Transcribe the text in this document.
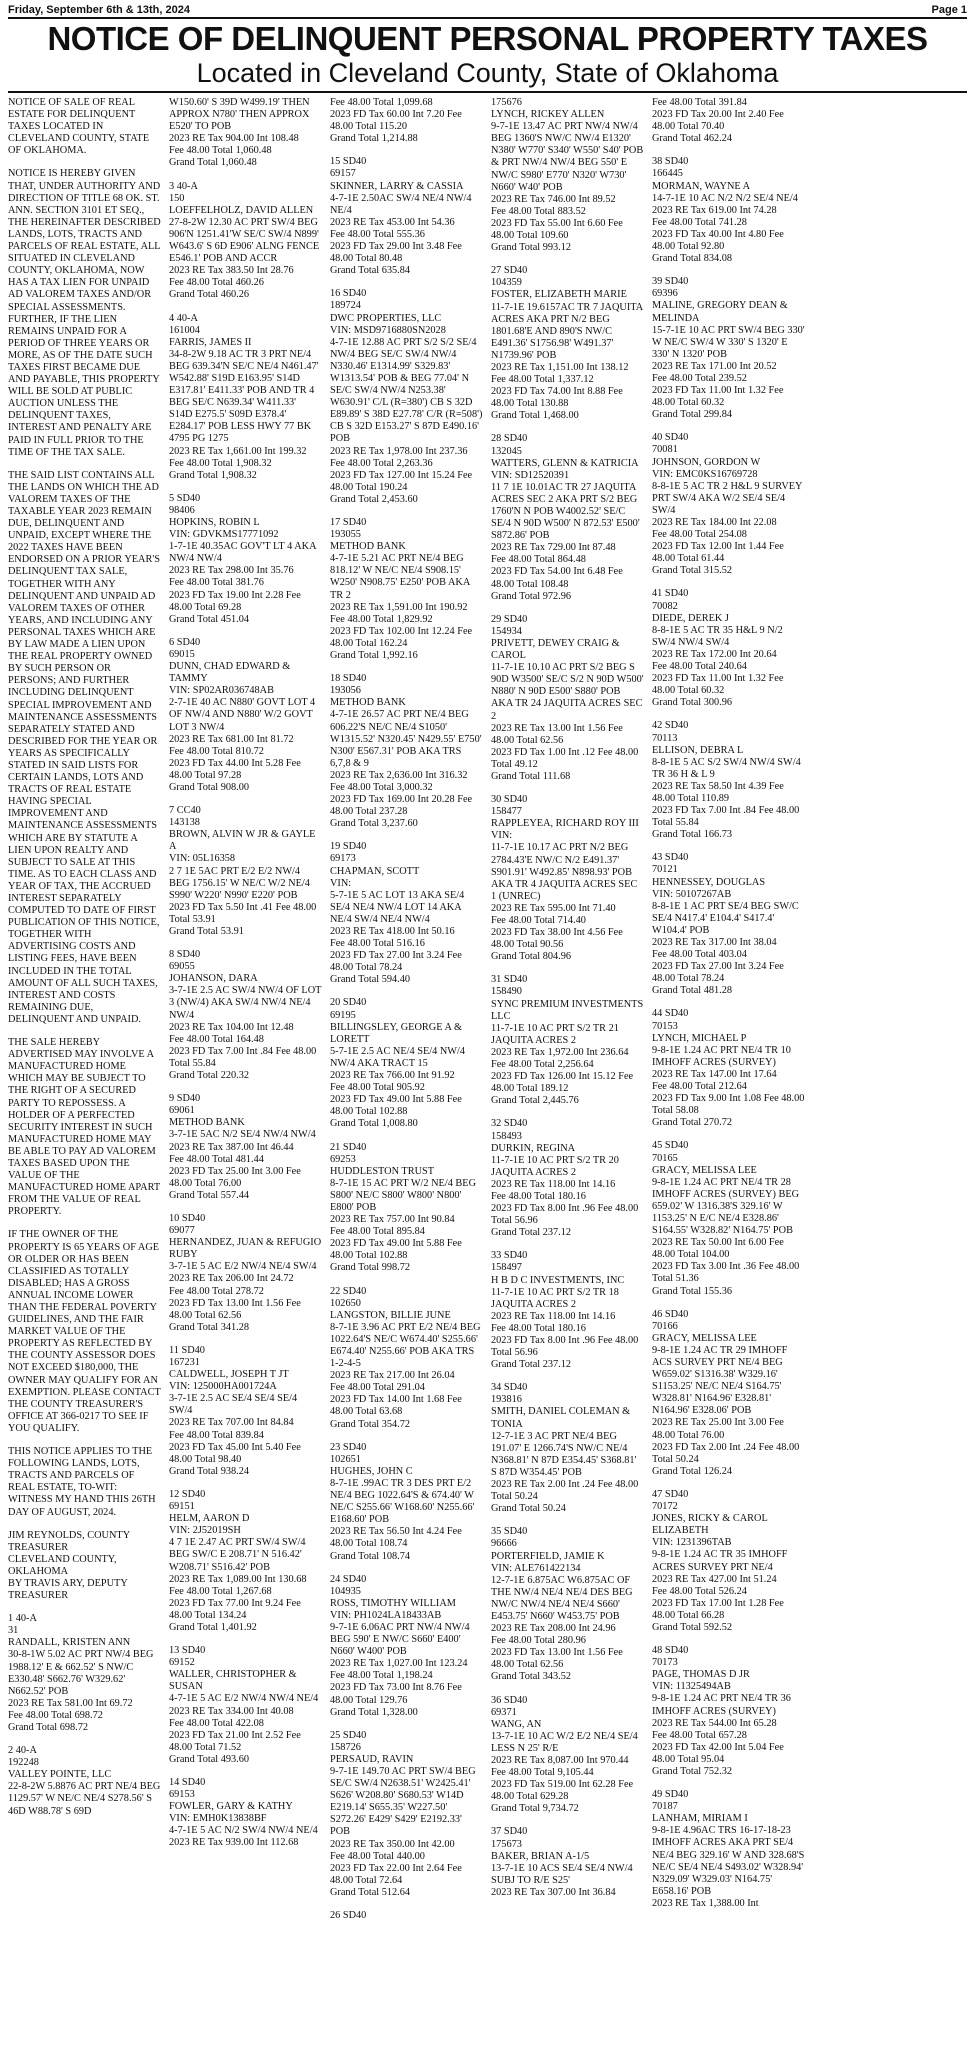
Friday, September 6th & 13th, 2024	Page 1
NOTICE OF DELINQUENT PERSONAL PROPERTY TAXES
Located in Cleveland County, State of Oklahoma

NOTICE OF SALE OF REAL ESTATE FOR DELINQUENT TAXES LOCATED IN CLEVELAND COUNTY, STATE OF OKLAHOMA.

NOTICE IS HEREBY GIVEN THAT, UNDER AUTHORITY AND DIRECTION OF TITLE 68 OK. ST. ANN. SECTION 3101 ET SEQ., THE HEREINAFTER DESCRIBED LANDS, LOTS, TRACTS AND PARCELS OF REAL ESTATE, ALL SITUATED IN CLEVELAND COUNTY, OKLAHOMA, NOW HAS A TAX LIEN FOR UNPAID AD VALOREM TAXES AND/OR SPECIAL ASSESSMENTS. FURTHER, IF THE LIEN REMAINS UNPAID FOR A PERIOD OF THREE YEARS OR MORE, AS OF THE DATE SUCH TAXES FIRST BECAME DUE AND PAYABLE, THIS PROPERTY WILL BE SOLD AT PUBLIC AUCTION UNLESS THE DELINQUENT TAXES, INTEREST AND PENALTY ARE PAID IN FULL PRIOR TO THE TIME OF THE TAX SALE.

THE SAID LIST CONTAINS ALL THE LANDS ON WHICH THE AD VALOREM TAXES OF THE TAXABLE YEAR 2023 REMAIN DUE, DELINQUENT AND UNPAID, EXCEPT WHERE THE 2022 TAXES HAVE BEEN ENDORSED ON A PRIOR YEAR'S DELINQUENT TAX SALE, TOGETHER WITH ANY DELINQUENT AND UNPAID AD VALOREM TAXES OF OTHER YEARS, AND INCLUDING ANY PERSONAL TAXES WHICH ARE BY LAW MADE A LIEN UPON THE REAL PROPERTY OWNED BY SUCH PERSON OR PERSONS; AND FURTHER INCLUDING DELINQUENT SPECIAL IMPROVEMENT AND MAINTENANCE ASSESSMENTS SEPARATELY STATED AND DESCRIBED FOR THE YEAR OR YEARS AS SPECIFICALLY STATED IN SAID LISTS FOR CERTAIN LANDS, LOTS AND TRACTS OF REAL ESTATE HAVING SPECIAL IMPROVEMENT AND MAINTENANCE ASSESSMENTS WHICH ARE BY STATUTE A LIEN UPON REALTY AND SUBJECT TO SALE AT THIS TIME. AS TO EACH CLASS AND YEAR OF TAX, THE ACCRUED INTEREST SEPARATELY COMPUTED TO DATE OF FIRST PUBLICATION OF THIS NOTICE, TOGETHER WITH ADVERTISING COSTS AND LISTING FEES, HAVE BEEN INCLUDED IN THE TOTAL AMOUNT OF ALL SUCH TAXES, INTEREST AND COSTS REMAINING DUE, DELINQUENT AND UNPAID.

THE SALE HEREBY ADVERTISED MAY INVOLVE A MANUFACTURED HOME WHICH MAY BE SUBJECT TO THE RIGHT OF A SECURED PARTY TO REPOSSESS. A HOLDER OF A PERFECTED SECURITY INTEREST IN SUCH MANUFACTURED HOME MAY BE ABLE TO PAY AD VALOREM TAXES BASED UPON THE VALUE OF THE MANUFACTURED HOME APART FROM THE VALUE OF REAL PROPERTY.

IF THE OWNER OF THE PROPERTY IS 65 YEARS OF AGE OR OLDER OR HAS BEEN CLASSIFIED AS TOTALLY DISABLED; HAS A GROSS ANNUAL INCOME LOWER THAN THE FEDERAL POVERTY GUIDELINES, AND THE FAIR MARKET VALUE OF THE PROPERTY AS REFLECTED BY THE COUNTY ASSESSOR DOES NOT EXCEED $180,000, THE OWNER MAY QUALIFY FOR AN EXEMPTION. PLEASE CONTACT THE COUNTY TREASURER'S OFFICE AT 366-0217 TO SEE IF YOU QUALIFY.

THIS NOTICE APPLIES TO THE FOLLOWING LANDS, LOTS, TRACTS AND PARCELS OF REAL ESTATE, TO-WIT:
WITNESS MY HAND THIS 26TH DAY OF AUGUST, 2024.

JIM REYNOLDS, COUNTY TREASURER
CLEVELAND COUNTY, OKLAHOMA
BY TRAVIS ARY, DEPUTY TREASURER

1 40-A
31
RANDALL, KRISTEN ANN
30-8-1W 5.02 AC PRT NW/4 BEG 1988.12' E & 662.52' S NW/C E330.48' S662.76' W329.62' N662.52' POB
2023 RE Tax 581.00 Int 69.72
Fee 48.00 Total 698.72
Grand Total 698.72

2 40-A
192248
VALLEY POINTE, LLC
22-8-2W 5.8876 AC PRT NE/4 BEG 1129.57' W NE/C NE/4 S278.56' S 46D W88.78' S 69D

W150.60' S 39D W499.19' THEN APPROX N780' THEN APPROX E520' TO POB
2023 RE Tax 904.00 Int 108.48
Fee 48.00 Total 1,060.48
Grand Total 1,060.48

3 40-A
150
LOEFFELHOLZ, DAVID ALLEN
27-8-2W 12.30 AC PRT SW/4 BEG 906'N 1251.41'W SE/C SW/4 N899' W643.6' S 6D E906' ALNG FENCE E546.1' POB AND ACCR
2023 RE Tax 383.50 Int 28.76
Fee 48.00 Total 460.26
Grand Total 460.26

4 40-A
161004
FARRIS, JAMES II
34-8-2W 9.18 AC TR 3 PRT NE/4 BEG 639.34'N SE/C NE/4 N461.47' W542.88' S19D E163.95' S14D E317.81' E411.33' POB AND TR 4 BEG SE/C N639.34' W411.33' S14D E275.5' S09D E378.4' E284.17' POB LESS HWY 77 BK 4795 PG 1275
2023 RE Tax 1,661.00 Int 199.32 Fee 48.00 Total 1,908.32
Grand Total 1,908.32

5 SD40
98406
HOPKINS, ROBIN L
VIN: GDVKMS17771092
1-7-1E 40.35AC GOV'T LT 4 AKA NW/4 NW/4
2023 RE Tax 298.00 Int 35.76
Fee 48.00 Total 381.76
2023 FD Tax 19.00 Int 2.28 Fee 48.00 Total 69.28
Grand Total 451.04

6 SD40
69015
DUNN, CHAD EDWARD & TAMMY
VIN: SP02AR036748AB
2-7-1E 40 AC N880' GOVT LOT 4 OF NW/4 AND N880' W/2 GOVT LOT 3 NW/4
2023 RE Tax 681.00 Int 81.72
Fee 48.00 Total 810.72
2023 FD Tax 44.00 Int 5.28 Fee 48.00 Total 97.28
Grand Total 908.00

7 CC40
143138
BROWN, ALVIN W JR & GAYLE A
VIN: 05L16358
2 7 1E 5AC PRT E/2 E/2 NW/4 BEG 1756.15' W NE/C W/2 NE/4 S990' W220' N990' E220' POB
2023 FD Tax 5.50 Int .41 Fee 48.00 Total 53.91
Grand Total 53.91

8 SD40
69055
JOHANSON, DARA
3-7-1E 2.5 AC SW/4 NW/4 OF LOT 3 (NW/4) AKA SW/4 NW/4 NE/4 NW/4
2023 RE Tax 104.00 Int 12.48
Fee 48.00 Total 164.48
2023 FD Tax 7.00 Int .84 Fee 48.00 Total 55.84
Grand Total 220.32

9 SD40
69061
METHOD BANK
3-7-1E 5AC N/2 SE/4 NW/4 NW/4
2023 RE Tax 387.00 Int 46.44
Fee 48.00 Total 481.44
2023 FD Tax 25.00 Int 3.00 Fee 48.00 Total 76.00
Grand Total 557.44

10 SD40
69077
HERNANDEZ, JUAN & REFUGIO RUBY
3-7-1E 5 AC E/2 NW/4 NE/4 SW/4
2023 RE Tax 206.00 Int 24.72
Fee 48.00 Total 278.72
2023 FD Tax 13.00 Int 1.56 Fee 48.00 Total 62.56
Grand Total 341.28

11 SD40
167231
CALDWELL, JOSEPH T JT
VIN: 125000HA001724A
3-7-1E 2.5 AC SE/4 SE/4 SE/4 SW/4
2023 RE Tax 707.00 Int 84.84
Fee 48.00 Total 839.84
2023 FD Tax 45.00 Int 5.40 Fee 48.00 Total 98.40
Grand Total 938.24

12 SD40
69151
HELM, AARON D
VIN: 2J52019SH
4 7 1E 2.47 AC PRT SW/4 SW/4 BEG SW/C E 208.71' N 516.42' W208.71' S516.42' POB
2023 RE Tax 1,089.00 Int 130.68 Fee 48.00 Total 1,267.68
2023 FD Tax 77.00 Int 9.24 Fee 48.00 Total 134.24
Grand Total 1,401.92

13 SD40
69152
WALLER, CHRISTOPHER & SUSAN
4-7-1E 5 AC E/2 NW/4 NW/4 NE/4
2023 RE Tax 334.00 Int 40.08
Fee 48.00 Total 422.08
2023 FD Tax 21.00 Int 2.52 Fee 48.00 Total 71.52
Grand Total 493.60

14 SD40
69153
FOWLER, GARY & KATHY
VIN: EMH0K13838BF
4-7-1E 5 AC N/2 SW/4 NW/4 NE/4
2023 RE Tax 939.00 Int 112.68

Fee 48.00 Total 1,099.68
2023 FD Tax 60.00 Int 7.20 Fee 48.00 Total 115.20
Grand Total 1,214.88

15 SD40
69157
SKINNER, LARRY & CASSIA
4-7-1E 2.50AC SW/4 NE/4 NW/4 NE/4
2023 RE Tax 453.00 Int 54.36
Fee 48.00 Total 555.36
2023 FD Tax 29.00 Int 3.48 Fee 48.00 Total 80.48
Grand Total 635.84

16 SD40
189724
DWC PROPERTIES, LLC
VIN: MSD9716880SN2028
4-7-1E 12.88 AC PRT S/2 S/2 SE/4 NW/4 BEG SE/C SW/4 NW/4 N330.46' E1314.99' S329.83' W1313.54' POB & BEG 77.04' N SE/C SW/4 NW/4 N253.38' W630.91' C/L (R=380') CB S 32D E89.89' S 38D E27.78' C/R (R=508') CB S 32D E153.27' S 87D E490.16' POB
2023 RE Tax 1,978.00 Int 237.36 Fee 48.00 Total 2,263.36
2023 FD Tax 127.00 Int 15.24 Fee 48.00 Total 190.24
Grand Total 2,453.60

17 SD40
193055
METHOD BANK
4-7-1E 5.21 AC PRT NE/4 BEG 818.12' W NE/C NE/4 S908.15' W250' N908.75' E250' POB AKA TR 2
2023 RE Tax 1,591.00 Int 190.92 Fee 48.00 Total 1,829.92
2023 FD Tax 102.00 Int 12.24 Fee 48.00 Total 162.24
Grand Total 1,992.16

18 SD40
193056
METHOD BANK
4-7-1E 26.57 AC PRT NE/4 BEG 606.22'S NE/C NE/4 S1050' W1315.52' N320.45' N429.55' E750' N300' E567.31' POB AKA TRS 6,7,8 & 9
2023 RE Tax 2,636.00 Int 316.32 Fee 48.00 Total 3,000.32
2023 FD Tax 169.00 Int 20.28 Fee 48.00 Total 237.28
Grand Total 3,237.60

19 SD40
69173
CHAPMAN, SCOTT
VIN:
5-7-1E 5 AC LOT 13 AKA SE/4 SE/4 NE/4 NW/4 LOT 14 AKA NE/4 SW/4 NE/4 NW/4
2023 RE Tax 418.00 Int 50.16
Fee 48.00 Total 516.16
2023 FD Tax 27.00 Int 3.24 Fee 48.00 Total 78.24
Grand Total 594.40

20 SD40
69195
BILLINGSLEY, GEORGE A & LORETT
5-7-1E 2.5 AC NE/4 SE/4 NW/4 NW/4 AKA TRACT 15
2023 RE Tax 766.00 Int 91.92
Fee 48.00 Total 905.92
2023 FD Tax 49.00 Int 5.88 Fee 48.00 Total 102.88
Grand Total 1,008.80

21 SD40
69253
HUDDLESTON TRUST
8-7-1E 15 AC PRT W/2 NE/4 BEG S800' NE/C S800' W800' N800' E800' POB
2023 RE Tax 757.00 Int 90.84
Fee 48.00 Total 895.84
2023 FD Tax 49.00 Int 5.88 Fee 48.00 Total 102.88
Grand Total 998.72

22 SD40
102650
LANGSTON, BILLIE JUNE
8-7-1E 3.96 AC PRT E/2 NE/4 BEG 1022.64'S NE/C W674.40' S255.66' E674.40' N255.66' POB AKA TRS 1-2-4-5
2023 RE Tax 217.00 Int 26.04
Fee 48.00 Total 291.04
2023 FD Tax 14.00 Int 1.68 Fee 48.00 Total 63.68
Grand Total 354.72

23 SD40
102651
HUGHES, JOHN C
8-7-1E .99AC TR 3 DES PRT E/2 NE/4 BEG 1022.64'S & 674.40' W NE/C S255.66' W168.60' N255.66' E168.60' POB
2023 RE Tax 56.50 Int 4.24 Fee 48.00 Total 108.74
Grand Total 108.74

24 SD40
104935
ROSS, TIMOTHY WILLIAM
VIN: PH1024LA18433AB
9-7-1E 6.06AC PRT NW/4 NW/4 BEG 590' E NW/C S660' E400' N660' W400' POB
2023 RE Tax 1,027.00 Int 123.24 Fee 48.00 Total 1,198.24
2023 FD Tax 73.00 Int 8.76 Fee 48.00 Total 129.76
Grand Total 1,328.00

25 SD40
158726
PERSAUD, RAVIN
9-7-1E 149.70 AC PRT SW/4 BEG SE/C SW/4 N2638.51' W2425.41' S626' W208.80' S680.53' W14D E219.14' S655.35' W227.50' S272.26' E429' S429' E2192.33' POB
2023 RE Tax 350.00 Int 42.00
Fee 48.00 Total 440.00
2023 FD Tax 22.00 Int 2.64 Fee 48.00 Total 72.64
Grand Total 512.64

26 SD40

175676
LYNCH, RICKEY ALLEN
9-7-1E 13.47 AC PRT NW/4 NW/4 BEG 1360'S NW/C NW/4 E1320' N380' W770' S340' W550' S40' POB & PRT NW/4 NW/4 BEG 550' E NW/C S980' E770' N320' W730' N660' W40' POB
2023 RE Tax 746.00 Int 89.52
Fee 48.00 Total 883.52
2023 FD Tax 55.00 Int 6.60 Fee 48.00 Total 109.60
Grand Total 993.12

27 SD40
104359
FOSTER, ELIZABETH MARIE
11-7-1E 19.6157AC TR 7 JAQUITA ACRES AKA PRT N/2 BEG 1801.68'E AND 890'S NW/C E491.36' S1756.98' W491.37' N1739.96' POB
2023 RE Tax 1,151.00 Int 138.12
Fee 48.00 Total 1,337.12
2023 FD Tax 74.00 Int 8.88 Fee 48.00 Total 130.88
Grand Total 1,468.00

28 SD40
132045
WATTERS, GLENN & KATRICIA
VIN: SD12520391
11 7 1E 10.01AC TR 27 JAQUITA ACRES SEC 2 AKA PRT S/2 BEG 1760'N N POB W4002.52' SE/C SE/4 N 90D W500' N 872.53' E500' S872.86' POB
2023 RE Tax 729.00 Int 87.48
Fee 48.00 Total 864.48
2023 FD Tax 54.00 Int 6.48 Fee 48.00 Total 108.48
Grand Total 972.96

29 SD40
154934
PRIVETT, DEWEY CRAIG & CAROL
11-7-1E 10.10 AC PRT S/2 BEG S 90D W3500' SE/C S/2 N 90D W500' N880' N 90D E500' S880' POB AKA TR 24 JAQUITA ACRES SEC 2
2023 RE Tax 13.00 Int 1.56 Fee 48.00 Total 62.56
2023 FD Tax 1.00 Int .12 Fee 48.00 Total 49.12
Grand Total 111.68

30 SD40
158477
RAPPLEYEA, RICHARD ROY III
VIN:
11-7-1E 10.17 AC PRT N/2 BEG 2784.43'E NW/C N/2 E491.37' S901.91' W492.85' N898.93' POB AKA TR 4 JAQUITA ACRES SEC 1 (UNREC)
2023 RE Tax 595.00 Int 71.40
Fee 48.00 Total 714.40
2023 FD Tax 38.00 Int 4.56 Fee 48.00 Total 90.56
Grand Total 804.96

31 SD40
158490
SYNC PREMIUM INVESTMENTS LLC
11-7-1E 10 AC PRT S/2 TR 21 JAQUITA ACRES 2
2023 RE Tax 1,972.00 Int 236.64 Fee 48.00 Total 2,256.64
2023 FD Tax 126.00 Int 15.12 Fee 48.00 Total 189.12
Grand Total 2,445.76

32 SD40
158493
DURKIN, REGINA
11-7-1E 10 AC PRT S/2 TR 20 JAQUITA ACRES 2
2023 RE Tax 118.00 Int 14.16
Fee 48.00 Total 180.16
2023 FD Tax 8.00 Int .96 Fee 48.00 Total 56.96
Grand Total 237.12

33 SD40
158497
H B D C INVESTMENTS, INC
11-7-1E 10 AC PRT S/2 TR 18 JAQUITA ACRES 2
2023 RE Tax 118.00 Int 14.16
Fee 48.00 Total 180.16
2023 FD Tax 8.00 Int .96 Fee 48.00 Total 56.96
Grand Total 237.12

34 SD40
193816
SMITH, DANIEL COLEMAN & TONIA
12-7-1E 3 AC PRT NE/4 BEG 191.07' E 1266.74'S NW/C NE/4 N368.81' N 87D E354.45' S368.81' S 87D W354.45' POB
2023 RE Tax 2.00 Int .24 Fee 48.00 Total 50.24
Grand Total 50.24

35 SD40
96666
PORTERFIELD, JAMIE K
VIN: ALE761422134
12-7-1E 6.875AC W6.875AC OF THE NW/4 NE/4 NE/4 DES BEG NW/C NW/4 NE/4 NE/4 S660' E453.75' N660' W453.75' POB
2023 RE Tax 208.00 Int 24.96
Fee 48.00 Total 280.96
2023 FD Tax 13.00 Int 1.56 Fee 48.00 Total 62.56
Grand Total 343.52

36 SD40
69371
WANG, AN
13-7-1E 10 AC W/2 E/2 NE/4 SE/4 LESS N 25' R/E
2023 RE Tax 8,087.00 Int 970.44 Fee 48.00 Total 9,105.44
2023 FD Tax 519.00 Int 62.28 Fee 48.00 Total 629.28
Grand Total 9,734.72

37 SD40
175673
BAKER, BRIAN A-1/5
13-7-1E 10 ACS SE/4 SE/4 NW/4 SUBJ TO R/E S25'
2023 RE Tax 307.00 Int 36.84

Fee 48.00 Total 391.84
2023 FD Tax 20.00 Int 2.40 Fee 48.00 Total 70.40
Grand Total 462.24

38 SD40
166445
MORMAN, WAYNE A
14-7-1E 10 AC N/2 N/2 SE/4 NE/4
2023 RE Tax 619.00 Int 74.28
Fee 48.00 Total 741.28
2023 FD Tax 40.00 Int 4.80 Fee 48.00 Total 92.80
Grand Total 834.08

39 SD40
69396
MALINE, GREGORY DEAN & MELINDA
15-7-1E 10 AC PRT SW/4 BEG 330' W NE/C SW/4 W 330' S 1320' E 330' N 1320' POB
2023 RE Tax 171.00 Int 20.52
Fee 48.00 Total 239.52
2023 FD Tax 11.00 Int 1.32 Fee 48.00 Total 60.32
Grand Total 299.84

40 SD40
70081
JOHNSON, GORDON W
VIN: EMC0KS16769728
8-8-1E 5 AC TR 2 H&L 9 SURVEY PRT SW/4 AKA W/2 SE/4 SE/4 SW/4
2023 RE Tax 184.00 Int 22.08
Fee 48.00 Total 254.08
2023 FD Tax 12.00 Int 1.44 Fee 48.00 Total 61.44
Grand Total 315.52

41 SD40
70082
DIEDE, DEREK J
8-8-1E 5 AC TR 35 H&L 9 N/2 SW/4 NW/4 SW/4
2023 RE Tax 172.00 Int 20.64
Fee 48.00 Total 240.64
2023 FD Tax 11.00 Int 1.32 Fee 48.00 Total 60.32
Grand Total 300.96

42 SD40
70113
ELLISON, DEBRA L
8-8-1E 5 AC S/2 SW/4 NW/4 SW/4 TR 36 H & L 9
2023 RE Tax 58.50 Int 4.39 Fee 48.00 Total 110.89
2023 FD Tax 7.00 Int .84 Fee 48.00 Total 55.84
Grand Total 166.73

43 SD40
70121
HENNESSEY, DOUGLAS
VIN: 50107267AB
8-8-1E 1 AC PRT SE/4 BEG SW/C SE/4 N417.4' E104.4' S417.4' W104.4' POB
2023 RE Tax 317.00 Int 38.04
Fee 48.00 Total 403.04
2023 FD Tax 27.00 Int 3.24 Fee 48.00 Total 78.24
Grand Total 481.28

44 SD40
70153
LYNCH, MICHAEL P
9-8-1E 1.24 AC PRT NE/4 TR 10 IMHOFF ACRES (SURVEY)
2023 RE Tax 147.00 Int 17.64
Fee 48.00 Total 212.64
2023 FD Tax 9.00 Int 1.08 Fee 48.00 Total 58.08
Grand Total 270.72

45 SD40
70165
GRACY, MELISSA LEE
9-8-1E 1.24 AC PRT NE/4 TR 28 IMHOFF ACRES (SURVEY) BEG 659.02' W 1316.38'S 329.16' W 1153.25' N E/C NE/4 E328.86' S164.55' W328.82' N164.75' POB
2023 RE Tax 50.00 Int 6.00 Fee 48.00 Total 104.00
2023 FD Tax 3.00 Int .36 Fee 48.00 Total 51.36
Grand Total 155.36

46 SD40
70166
GRACY, MELISSA LEE
9-8-1E 1.24 AC TR 29 IMHOFF ACS SURVEY PRT NE/4 BEG W659.02' S1316.38' W329.16' S1153.25' NE/C NE/4 S164.75' W328.81' N164.96' E328.81' N164.96' E328.06' POB
2023 RE Tax 25.00 Int 3.00 Fee 48.00 Total 76.00
2023 FD Tax 2.00 Int .24 Fee 48.00 Total 50.24
Grand Total 126.24

47 SD40
70172
JONES, RICKY & CAROL ELIZABETH
VIN: 1231396TAB
9-8-1E 1.24 AC TR 35 IMHOFF ACRES SURVEY PRT NE/4
2023 RE Tax 427.00 Int 51.24
Fee 48.00 Total 526.24
2023 FD Tax 17.00 Int 1.28 Fee 48.00 Total 66.28
Grand Total 592.52

48 SD40
70173
PAGE, THOMAS D JR
VIN: 11325494AB
9-8-1E 1.24 AC PRT NE/4 TR 36 IMHOFF ACRES (SURVEY)
2023 RE Tax 544.00 Int 65.28
Fee 48.00 Total 657.28
2023 FD Tax 42.00 Int 5.04 Fee 48.00 Total 95.04
Grand Total 752.32

49 SD40
70187
LANHAM, MIRIAM I
9-8-1E 4.96AC TRS 16-17-18-23 IMHOFF ACRES AKA PRT SE/4 NE/4 BEG 329.16' W AND 328.68'S NE/C SE/4 NE/4 S493.02' W328.94' N329.09' W329.03' N164.75' E658.16' POB
2023 RE Tax 1,388.00 Int
